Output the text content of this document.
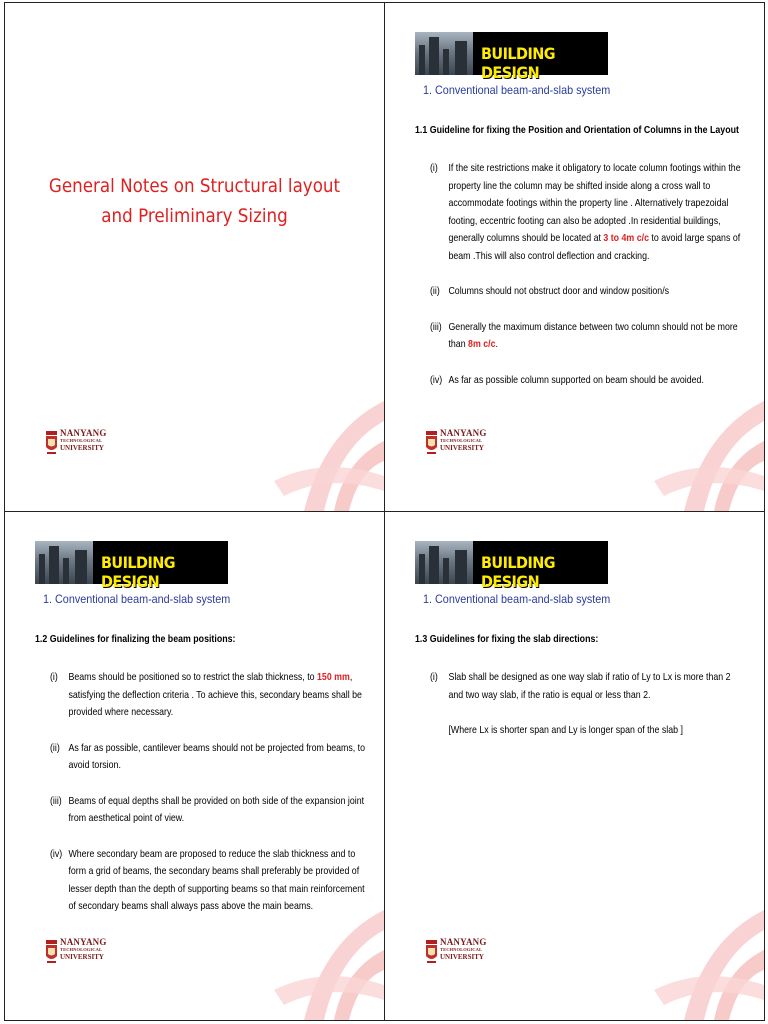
General Notes on Structural layout
and Preliminary Sizing
NANYANG
TECHNOLOGICAL
UNIVERSITY
BUILDING DESIGN
1. Conventional beam-and-slab system
1.1 Guideline for fixing the Position and Orientation of Columns in the Layout
(i) If the site restrictions make it obligatory to locate column footings within the property line the column may be shifted inside along a cross wall to accommodate footings within the property line . Alternatively trapezoidal footing, eccentric footing can also be adopted .In residential buildings, generally columns should be located at 3 to 4m c/c to avoid large spans of beam .This will also control deflection and cracking.
(ii) Columns should not obstruct door and window position/s
(iii) Generally the maximum distance between two column should not be more than 8m c/c.
(iv) As far as possible column supported on beam should be avoided.
NANYANG
TECHNOLOGICAL
UNIVERSITY
BUILDING DESIGN
1. Conventional beam-and-slab system
1.2 Guidelines for finalizing the beam positions:
(i) Beams should be positioned so to restrict the slab thickness, to 150 mm, satisfying the deflection criteria . To achieve this, secondary beams shall be provided where necessary.
(ii) As far as possible, cantilever beams should not be projected from beams, to avoid torsion.
(iii) Beams of equal depths shall be provided on both side of the expansion joint from aesthetical point of view.
(iv) Where secondary beam are proposed to reduce the slab thickness and to form a grid of beams, the secondary beams shall preferably be provided of lesser depth than the depth of supporting beams so that main reinforcement of secondary beams shall always pass above the main beams.
NANYANG
TECHNOLOGICAL
UNIVERSITY
BUILDING DESIGN
1. Conventional beam-and-slab system
1.3 Guidelines for fixing the slab directions:
(i) Slab shall be designed as one way slab if ratio of Ly to Lx is more than 2 and two way slab, if the ratio is equal or less than 2.
[Where Lx is shorter span and Ly is longer span of the slab ]
NANYANG
TECHNOLOGICAL
UNIVERSITY
